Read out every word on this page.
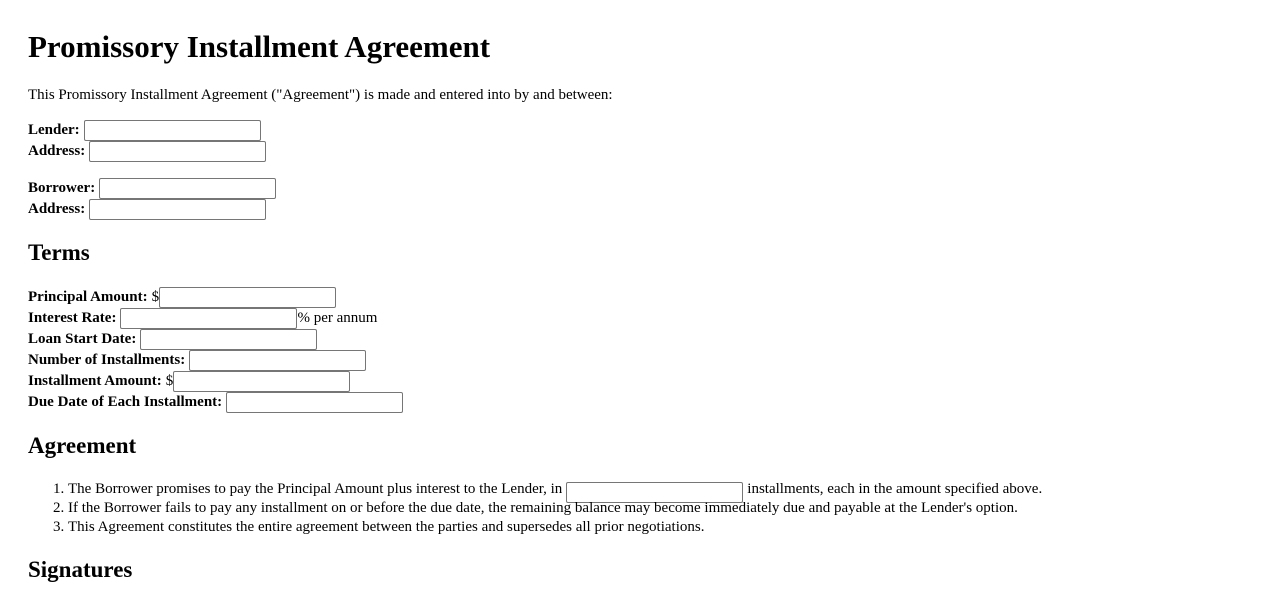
Promissory Installment Agreement

This Promissory Installment Agreement ("Agreement") is made and entered into by and between:

Lender:
Address:
Borrower:
Address:
Terms
Principal Amount: $
Interest Rate:	% per annum
Loan Start Date:
Number of Installments:
Installment Amount: $
Due Date of Each Installment:
Agreement
1. The Borrower promises to pay the Principal Amount plus interest to the Lender, in	installments, each in the amount specified above.
2. If the Borrower fails to pay any installment on or before the due date, the remaining balance may become immediately due and payable at the Lender's option.
3. This Agreement constitutes the entire agreement between the parties and supersedes all prior negotiations.
Signatures
